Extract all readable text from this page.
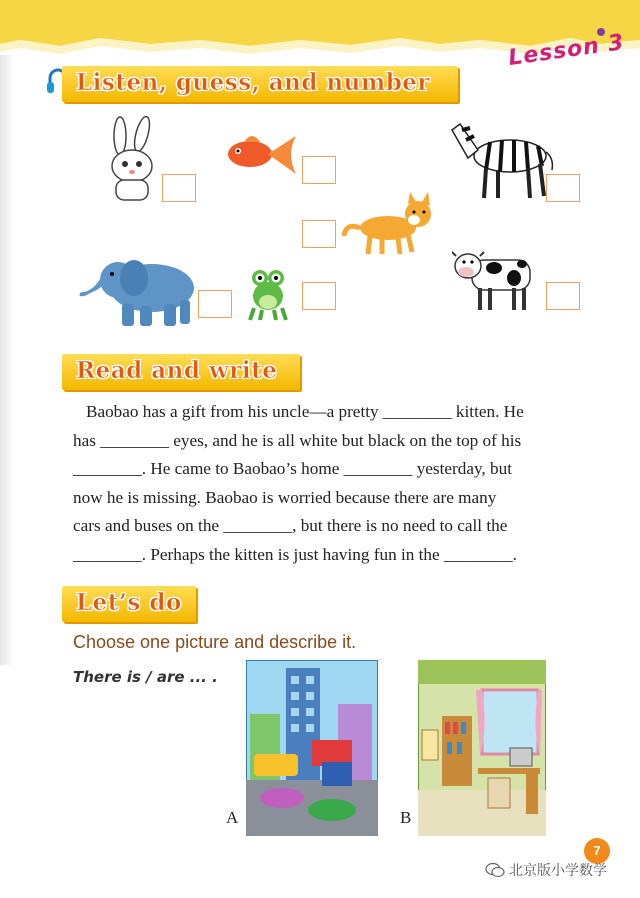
Lesson 3
Listen, guess, and number
Read and write
Baobao has a gift from his uncle—a pretty ________ kitten. He
has ________ eyes, and he is all white but black on the top of his
________. He came to Baobao’s home ________ yesterday, but
now he is missing. Baobao is worried because there are many
cars and buses on the ________, but there is no need to call the
________. Perhaps the kitten is just having fun in the ________.
Let’s do
Choose one picture and describe it.
There is / are ... .
A	B
7
北京版小学数学
